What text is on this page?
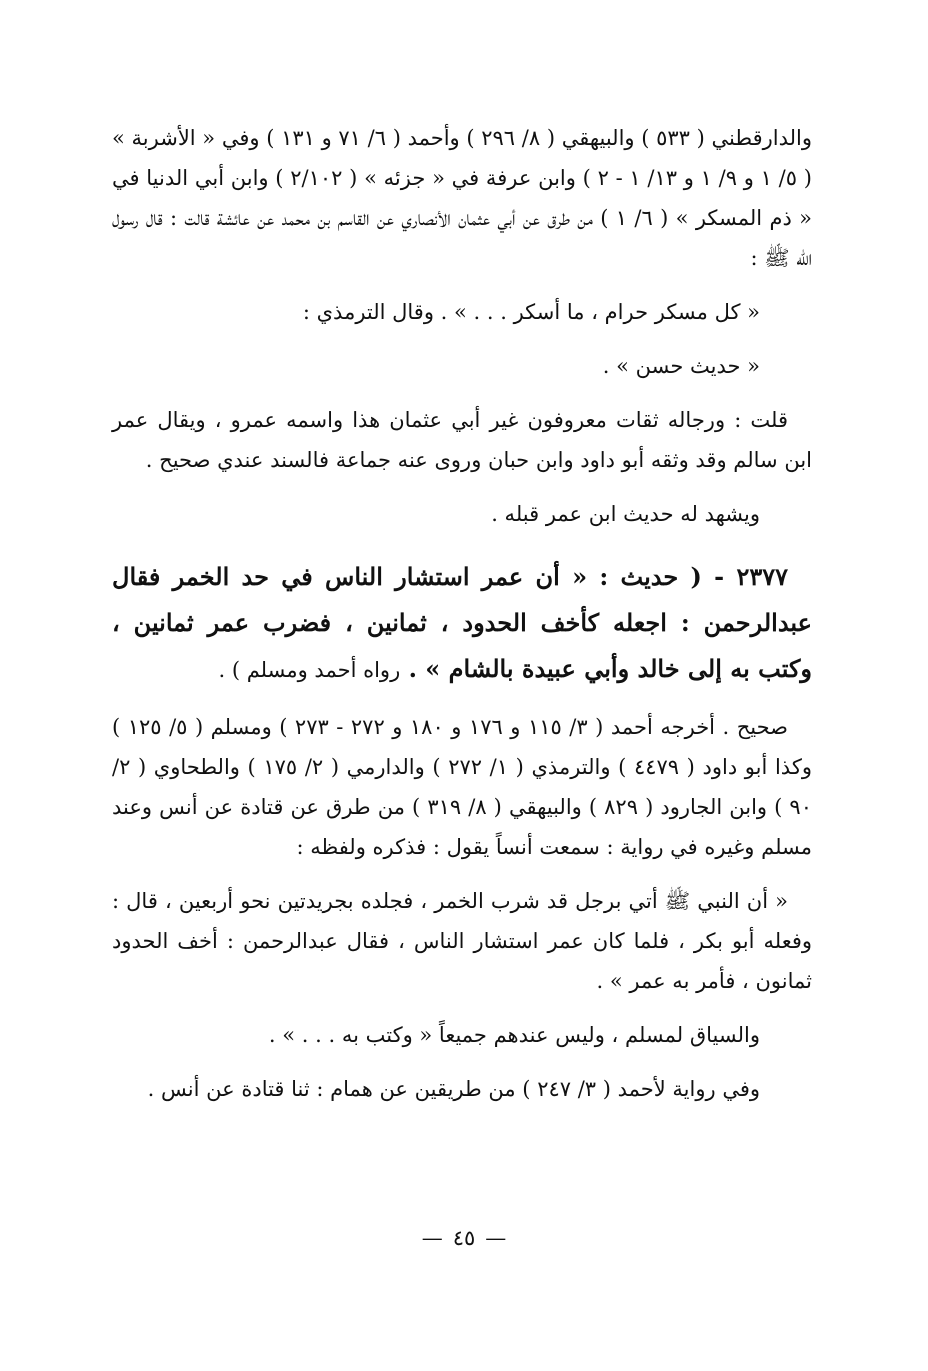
والدارقطني ( ٥٣٣ ) والبيهقي ( ٨/ ٢٩٦ ) وأحمد ( ٦/ ٧١ و ١٣١ ) وفي « الأشربة » ( ٥/ ١ و ٩/ ١ و ١٣/ ١ - ٢ ) وابن عرفة في « جزئه » ( ٢/١٠٢ ) وابن أبي الدنيا في « ذم المسكر » ( ٦/ ١ ) من طرق عن أبي عثمان الأنصاري عن القاسم بن محمد عن عائشة قالت : قال رسول الله ﷺ :

« كل مسكر حرام ، ما أسكر . . . » . وقال الترمذي :

« حديث حسن » .

قلت : ورجاله ثقات معروفون غير أبي عثمان هذا واسمه عمرو ، ويقال عمر ابن سالم وقد وثقه أبو داود وابن حبان وروى عنه جماعة فالسند عندي صحيح .

ويشهد له حديث ابن عمر قبله .

٢٣٧٧ - ( حديث : « أن عمر استشار الناس في حد الخمر فقال عبدالرحمن : اجعله كأخف الحدود ، ثمانين ، فضرب عمر ثمانين ، وكتب به إلى خالد وأبي عبيدة بالشام » . رواه أحمد ومسلم ) .

صحيح . أخرجه أحمد ( ٣/ ١١٥ و ١٧٦ و ١٨٠ و ٢٧٢ - ٢٧٣ ) ومسلم ( ٥/ ١٢٥ ) وكذا أبو داود ( ٤٤٧٩ ) والترمذي ( ١/ ٢٧٢ ) والدارمي ( ٢/ ١٧٥ ) والطحاوي ( ٢/ ٩٠ ) وابن الجارود ( ٨٢٩ ) والبيهقي ( ٨/ ٣١٩ ) من طرق عن قتادة عن أنس وعند مسلم وغيره في رواية : سمعت أنساً يقول : فذكره ولفظه :

« أن النبي ﷺ أتي برجل قد شرب الخمر ، فجلده بجريدتين نحو أربعين ، قال : وفعله أبو بكر ، فلما كان عمر استشار الناس ، فقال عبدالرحمن : أخف الحدود ثمانون ، فأمر به عمر » .

والسياق لمسلم ، وليس عندهم جميعاً « وكتب به . . . » .

وفي رواية لأحمد ( ٣/ ٢٤٧ ) من طريقين عن همام : ثنا قتادة عن أنس .

—٤٥—
